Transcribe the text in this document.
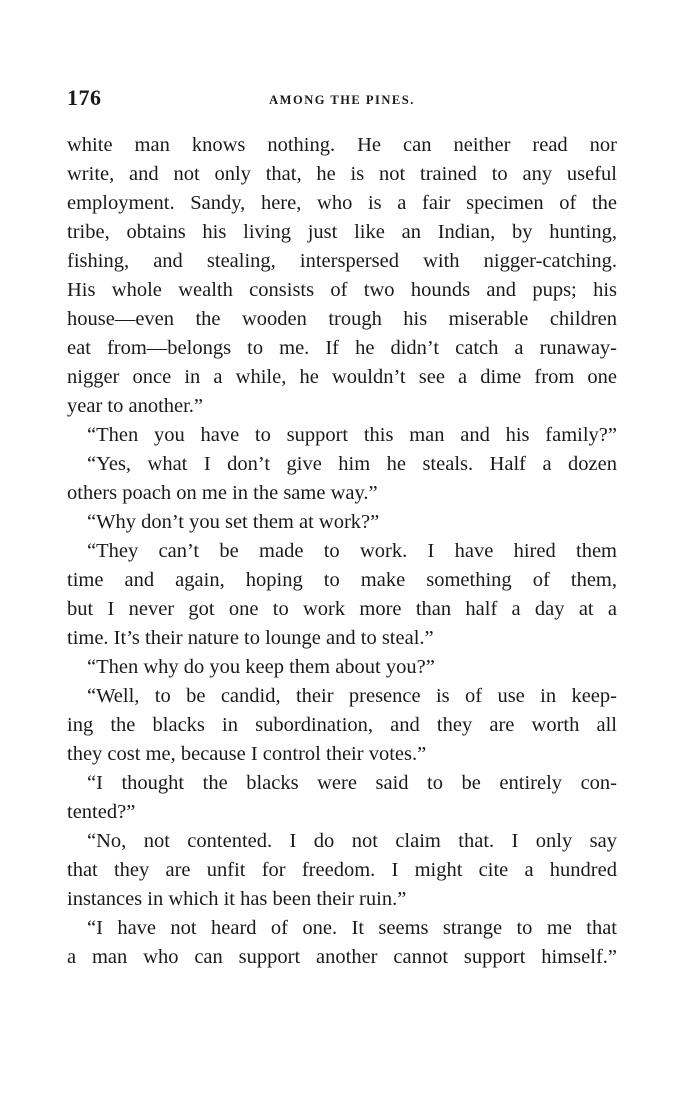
176	AMONG THE PINES.
white man knows nothing. He can neither read nor
write, and not only that, he is not trained to any useful
employment. Sandy, here, who is a fair specimen of the
tribe, obtains his living just like an Indian, by hunting,
fishing, and stealing, interspersed with nigger-catching.
His whole wealth consists of two hounds and pups; his
house—even the wooden trough his miserable children
eat from—belongs to me. If he didn’t catch a runaway-
nigger once in a while, he wouldn’t see a dime from one
year to another.”
“Then you have to support this man and his family?”
“Yes, what I don’t give him he steals. Half a dozen
others poach on me in the same way.”
“Why don’t you set them at work?”
“They can’t be made to work. I have hired them
time and again, hoping to make something of them,
but I never got one to work more than half a day at a
time. It’s their nature to lounge and to steal.”
“Then why do you keep them about you?”
“Well, to be candid, their presence is of use in keep-
ing the blacks in subordination, and they are worth all
they cost me, because I control their votes.”
“I thought the blacks were said to be entirely con-
tented?”
“No, not contented. I do not claim that. I only say
that they are unfit for freedom. I might cite a hundred
instances in which it has been their ruin.”
“I have not heard of one. It seems strange to me that
a man who can support another cannot support himself.”
